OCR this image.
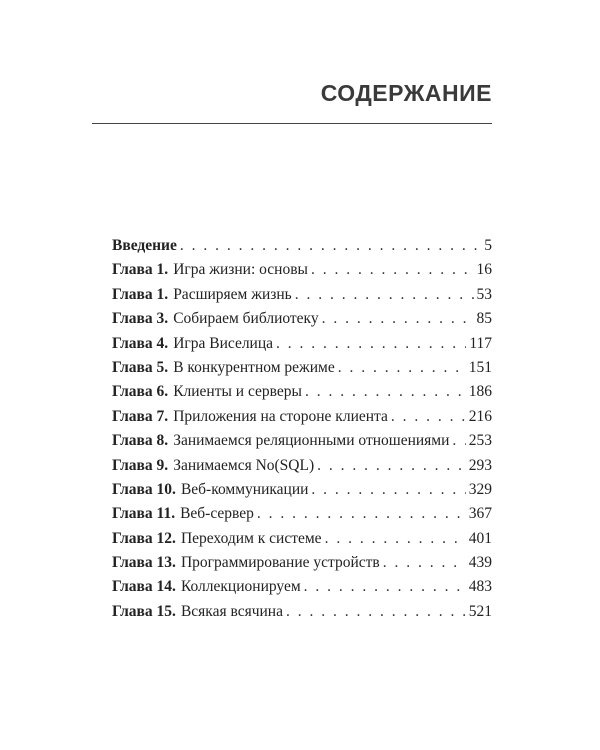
СОДЕРЖАНИЕ
Введение . . .	5
Глава 1. Игра жизни: основы . . .	16
Глава 1. Расширяем жизнь . . .	53
Глава 3. Собираем библиотеку . . .	85
Глава 4. Игра Виселица . . .	117
Глава 5. В конкурентном режиме . . .	151
Глава 6. Клиенты и серверы . . .	186
Глава 7. Приложения на стороне клиента . . .	216
Глава 8. Занимаемся реляционными отношениями . . . 253
Глава 9. Занимаемся No(SQL) . . .	293
Глава 10. Веб-коммуникации . . .	329
Глава 11. Веб-сервер . . .	367
Глава 12. Переходим к системе . . .	401
Глава 13. Программирование устройств . . .	439
Глава 14. Коллекционируем . . .	483
Глава 15. Всякая всячина . . .	521
